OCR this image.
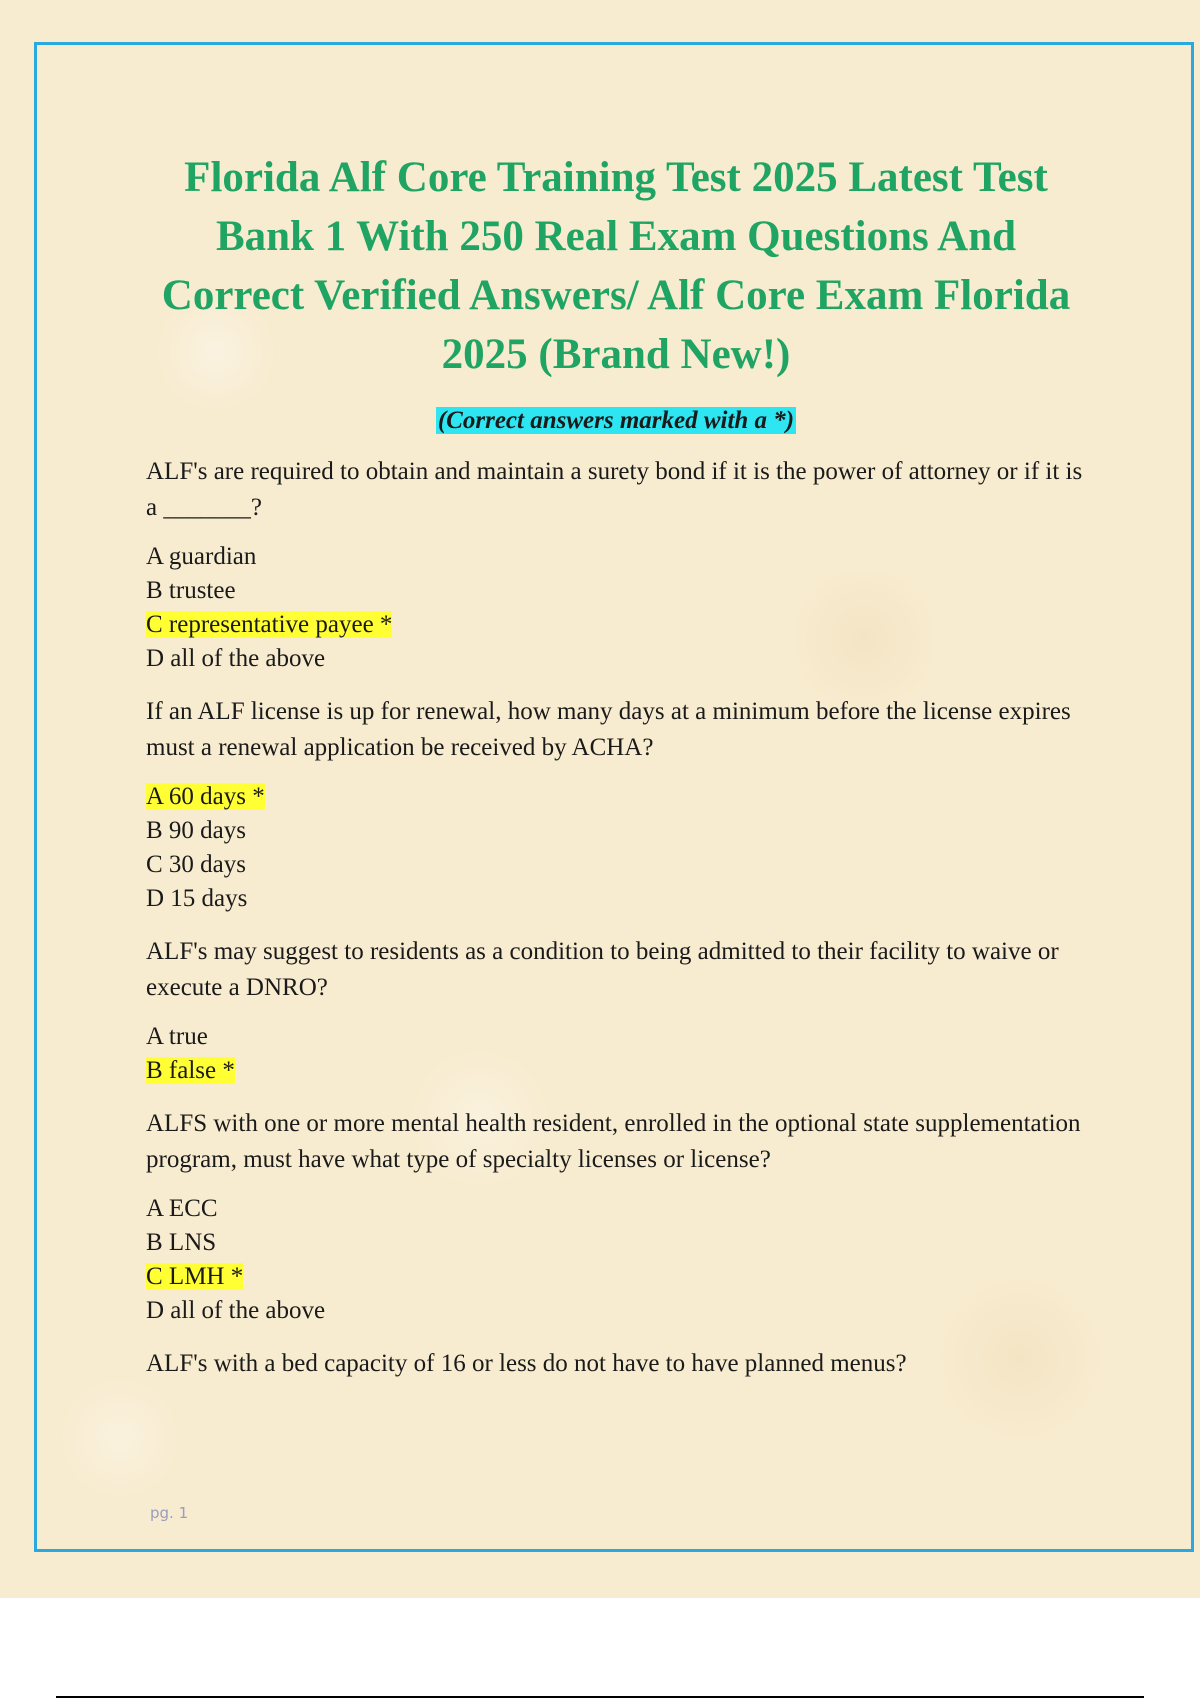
Florida Alf Core Training Test 2025 Latest Test Bank 1 With 250 Real Exam Questions And Correct Verified Answers/ Alf Core Exam Florida 2025 (Brand New!)
(Correct answers marked with a *)

ALF's are required to obtain and maintain a surety bond if it is the power of attorney or if it is a _______?

A guardian
B trustee
C representative payee *
D all of the above

If an ALF license is up for renewal, how many days at a minimum before the license expires must a renewal application be received by ACHA?

A 60 days *
B 90 days
C 30 days
D 15 days

ALF's may suggest to residents as a condition to being admitted to their facility to waive or execute a DNRO?

A true
B false *

ALFS with one or more mental health resident, enrolled in the optional state supplementation program, must have what type of specialty licenses or license?

A ECC
B LNS
C LMH *
D all of the above

ALF's with a bed capacity of 16 or less do not have to have planned menus?

pg. 1
